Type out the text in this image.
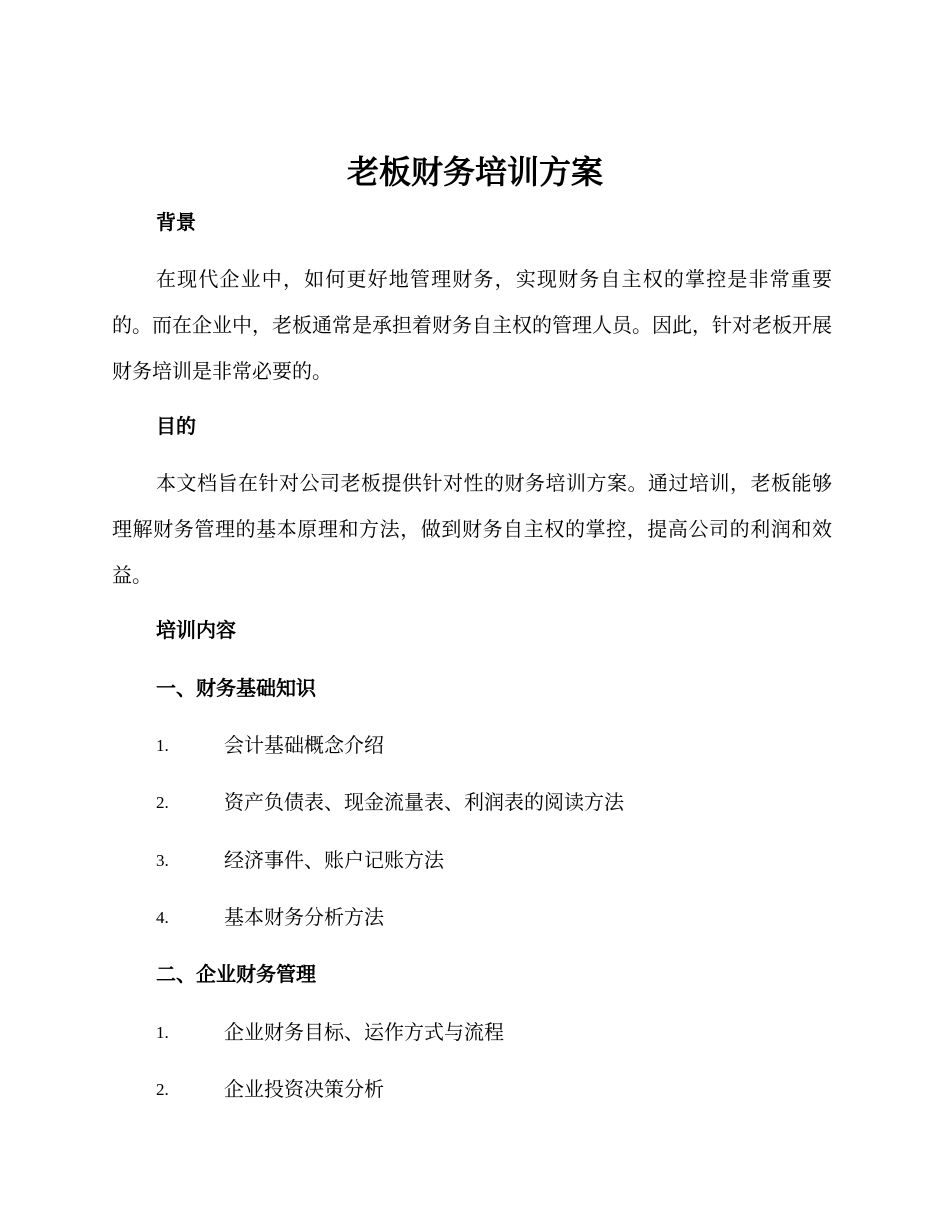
老板财务培训方案
背景
在现代企业中，如何更好地管理财务，实现财务自主权的掌控是非常重要的。而在企业中，老板通常是承担着财务自主权的管理人员。因此，针对老板开展财务培训是非常必要的。
目的
本文档旨在针对公司老板提供针对性的财务培训方案。通过培训，老板能够理解财务管理的基本原理和方法，做到财务自主权的掌控，提高公司的利润和效益。
培训内容
一、财务基础知识
1.	会计基础概念介绍
2.	资产负债表、现金流量表、利润表的阅读方法
3.	经济事件、账户记账方法
4.	基本财务分析方法
二、企业财务管理
1.	企业财务目标、运作方式与流程
2.	企业投资决策分析
